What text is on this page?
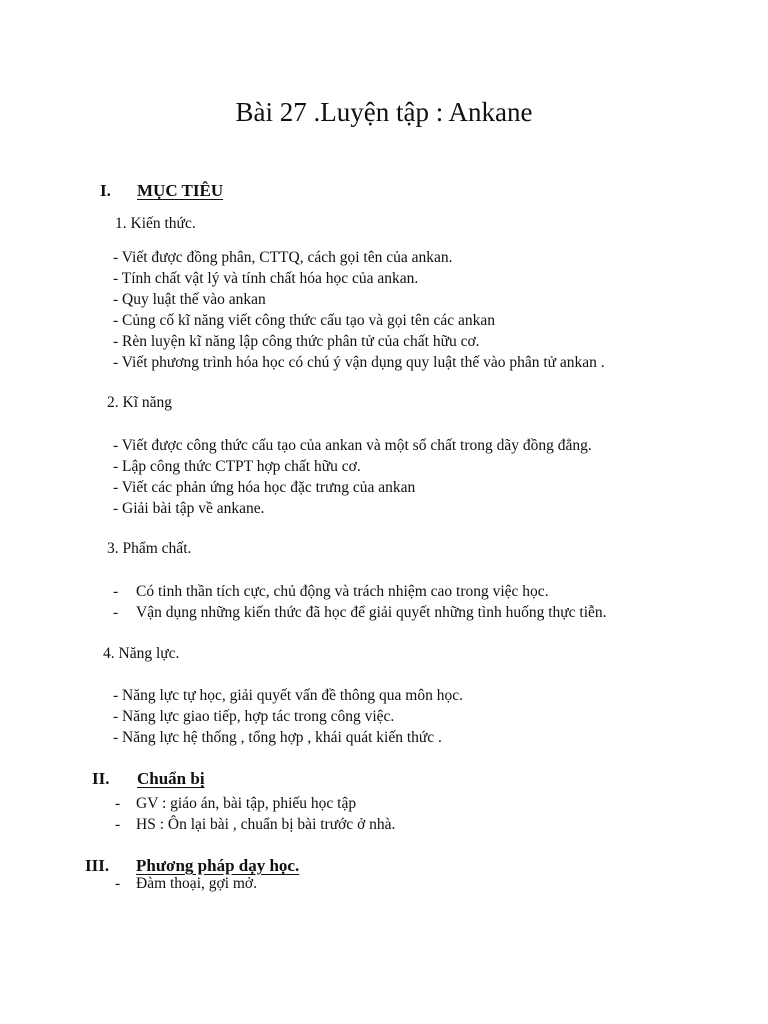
Bài 27 .Luyện tập : Ankane
I. MỤC TIÊU
1. Kiến thức.
- Viết được đồng phân, CTTQ, cách gọi tên của ankan.
- Tính chất vật lý và tính chất hóa học của ankan.
- Quy luật thế vào ankan
- Củng cố kĩ năng viết công thức cấu tạo và gọi tên các ankan
- Rèn luyện kĩ năng lập công thức phân tử của chất hữu cơ.
- Viết phương trình hóa học có chú ý vận dụng quy luật thế vào phân tử ankan .
2. Kĩ năng
- Viết được công thức cấu tạo của ankan và một số chất trong dãy đồng đẳng.
- Lập công thức CTPT hợp chất hữu cơ.
- Viết các phản ứng hóa học đặc trưng của ankan
- Giải bài tập về ankane.
3. Phẩm chất.
- Có tinh thần tích cực, chủ động và trách nhiệm cao trong việc học.
- Vận dụng những kiến thức đã học để giải quyết những tình huống thực tiễn.
4. Năng lực.
- Năng lực tự học, giải quyết vấn đề thông qua môn học.
- Năng lực giao tiếp, hợp tác trong công việc.
- Năng lực hệ thống , tổng hợp , khái quát kiến thức .
II. Chuẩn bị
- GV : giáo án, bài tập, phiếu học tập
- HS : Ôn lại bài , chuẩn bị bài trước ở nhà.
III. Phương pháp dạy học.
- Đàm thoại, gợi mở.
